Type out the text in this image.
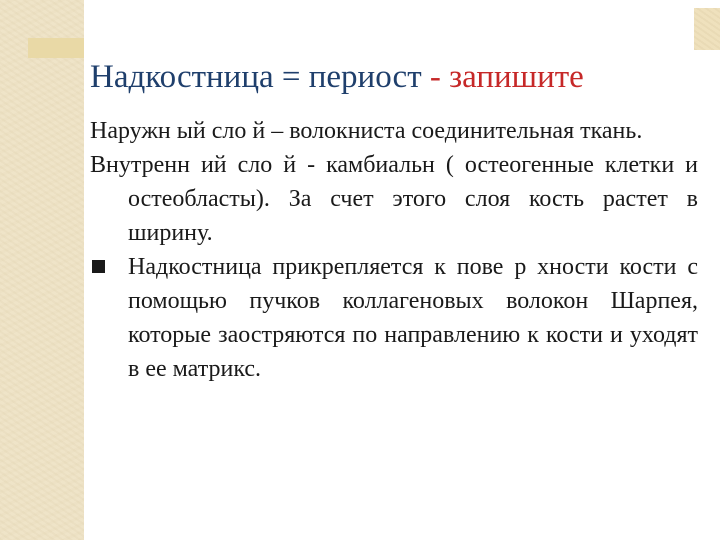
Надкостница = периост - запишите

Наружн ый сло й – волокниста соединительная ткань.

Внутренн ий сло й - камбиальн ( остеогенные клетки и остеобласты). За счет этого слоя кость растет в ширину.

Надкостница прикрепляется к пове р хности кости с помощью пучков коллагеновых волокон Шарпея, которые заостряются по направлению к кости и уходят в ее матрикс.
